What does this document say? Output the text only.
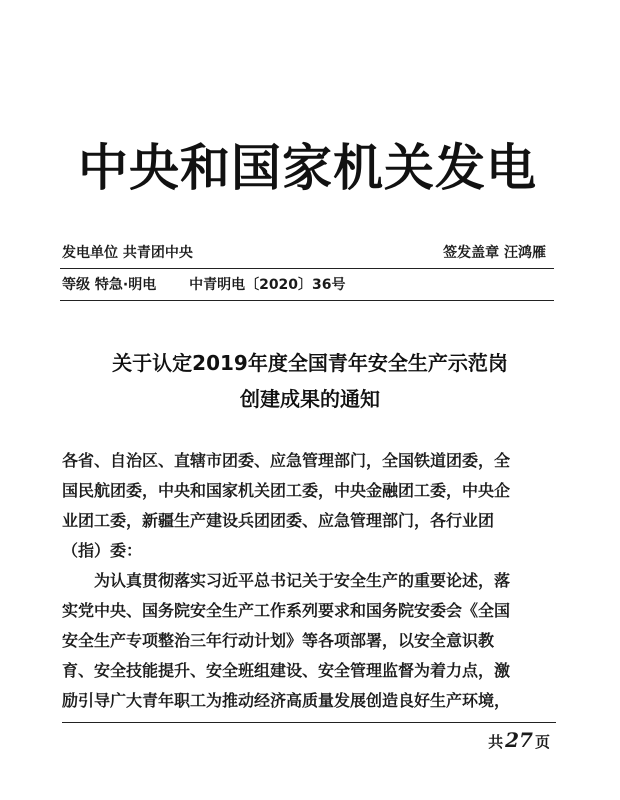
中央和国家机关发电
发电单位 共青团中央	签发盖章 汪鸿雁
等级 特急·明电 中青明电〔2020〕36号
关于认定2019年度全国青年安全生产示范岗
创建成果的通知
各省、自治区、直辖市团委、应急管理部门，全国铁道团委，全
国民航团委，中央和国家机关团工委，中央金融团工委，中央企
业团工委，新疆生产建设兵团团委、应急管理部门，各行业团
（指）委：
　　为认真贯彻落实习近平总书记关于安全生产的重要论述，落
实党中央、国务院安全生产工作系列要求和国务院安委会《全国
安全生产专项整治三年行动计划》等各项部署，以安全意识教
育、安全技能提升、安全班组建设、安全管理监督为着力点，激
励引导广大青年职工为推动经济高质量发展创造良好生产环境，
共 27 页
